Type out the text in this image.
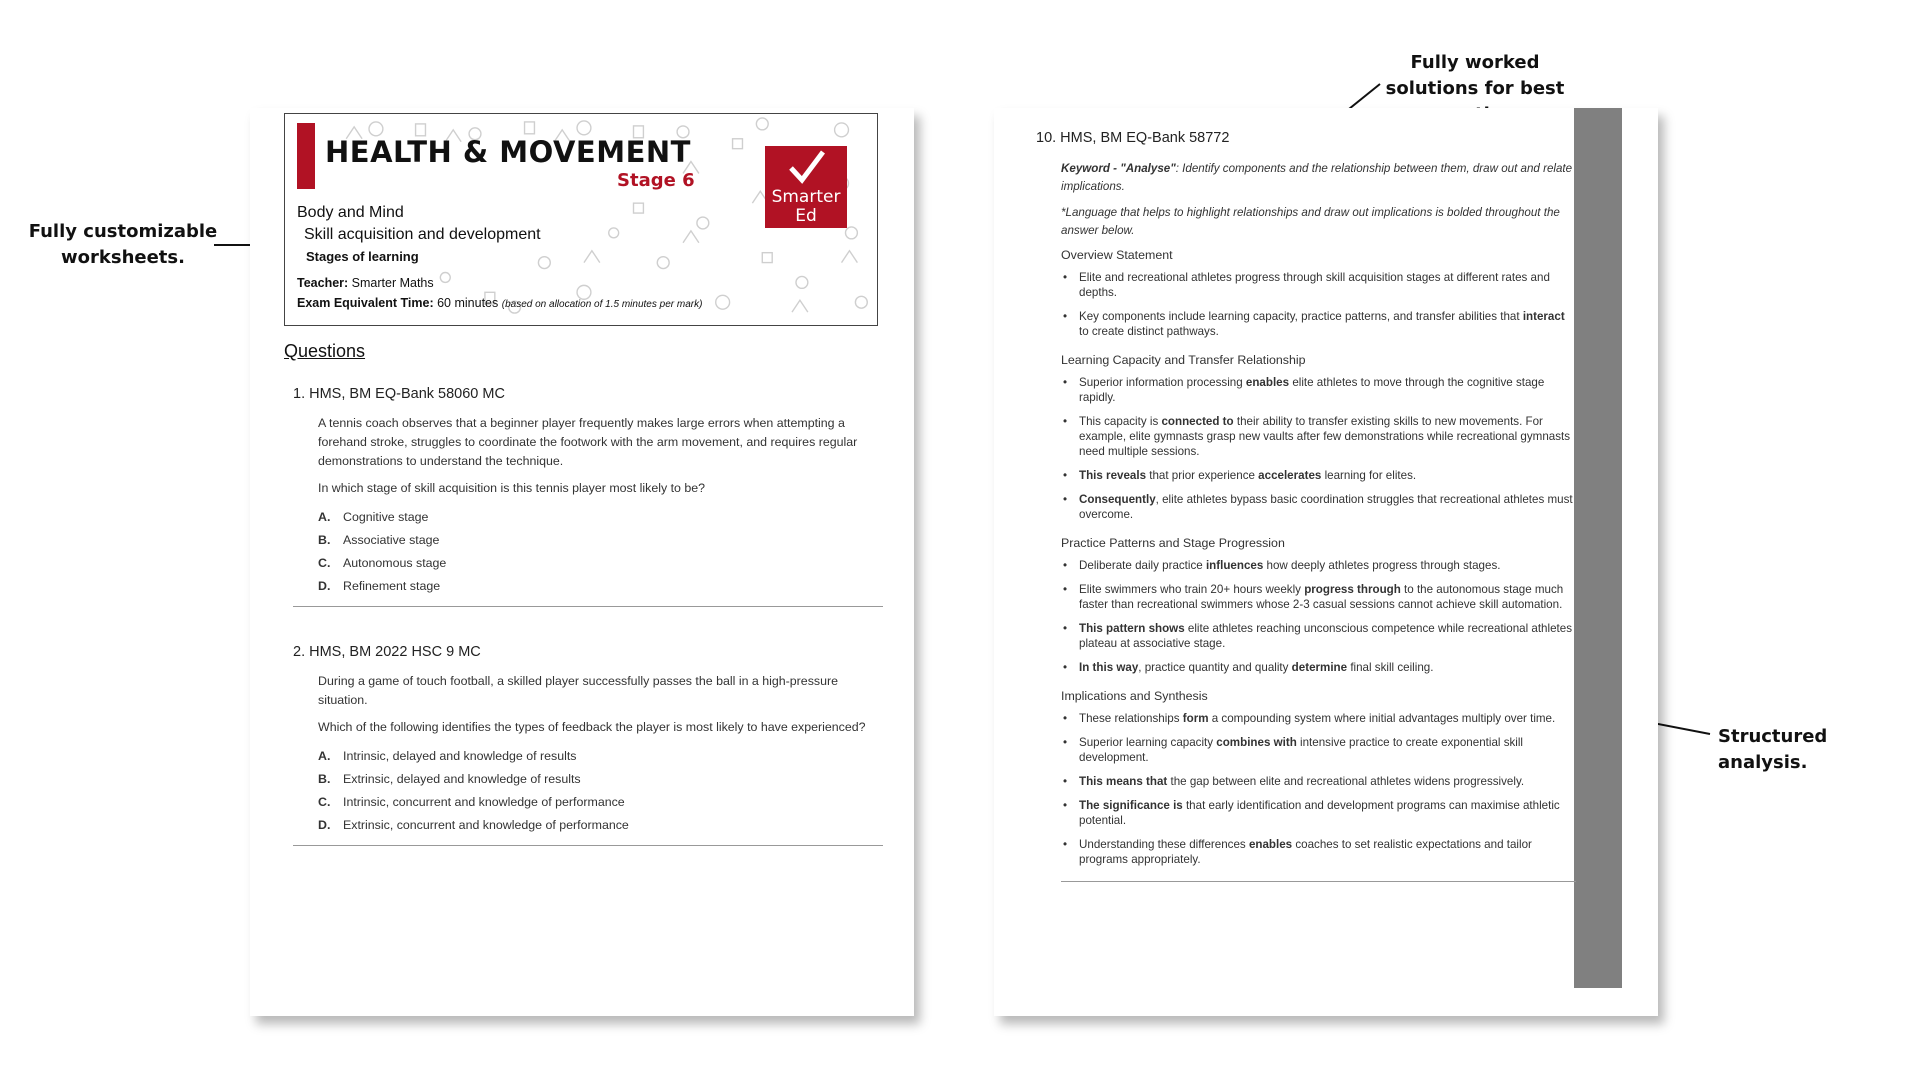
Fully customizable worksheets.
Fully worked solutions for best
Structured analysis.
HEALTH & MOVEMENT
Stage 6
Smarter
Ed
Body and Mind
Skill acquisition and development
Stages of learning
Teacher: Smarter Maths
Exam Equivalent Time: 60 minutes (based on allocation of 1.5 minutes per mark)
Questions
1. HMS, BM EQ-Bank 58060 MC

A tennis coach observes that a beginner player frequently makes large errors when attempting a forehand stroke, struggles to coordinate the footwork with the arm movement, and requires regular demonstrations to understand the technique.

In which stage of skill acquisition is this tennis player most likely to be?

A.	Cognitive stage
B.	Associative stage
C.	Autonomous stage
D.	Refinement stage
2. HMS, BM 2022 HSC 9 MC

During a game of touch football, a skilled player successfully passes the ball in a high-pressure situation.

Which of the following identifies the types of feedback the player is most likely to have experienced?

A.	Intrinsic, delayed and knowledge of results
B.	Extrinsic, delayed and knowledge of results
C.	Intrinsic, concurrent and knowledge of performance
D.	Extrinsic, concurrent and knowledge of performance
10. HMS, BM EQ-Bank 58772

Keyword - "Analyse": Identify components and the relationship between them, draw out and relate implications.

*Language that helps to highlight relationships and draw out implications is bolded throughout the answer below.

Overview Statement
• Elite and recreational athletes progress through skill acquisition stages at different rates and depths.
• Key components include learning capacity, practice patterns, and transfer abilities that interact to create distinct pathways.
Learning Capacity and Transfer Relationship
• Superior information processing enables elite athletes to move through the cognitive stage rapidly.
• This capacity is connected to their ability to transfer existing skills to new movements. For example, elite gymnasts grasp new vaults after few demonstrations while recreational gymnasts need multiple sessions.
• This reveals that prior experience accelerates learning for elites.
• Consequently, elite athletes bypass basic coordination struggles that recreational athletes must overcome.
Practice Patterns and Stage Progression
• Deliberate daily practice influences how deeply athletes progress through stages.
• Elite swimmers who train 20+ hours weekly progress through to the autonomous stage much faster than recreational swimmers whose 2-3 casual sessions cannot achieve skill automation.
• This pattern shows elite athletes reaching unconscious competence while recreational athletes plateau at associative stage.
• In this way, practice quantity and quality determine final skill ceiling.
Implications and Synthesis
• These relationships form a compounding system where initial advantages multiply over time.
• Superior learning capacity combines with intensive practice to create exponential skill development.
• This means that the gap between elite and recreational athletes widens progressively.
• The significance is that early identification and development programs can maximise athletic potential.
• Understanding these differences enables coaches to set realistic expectations and tailor programs appropriately.
